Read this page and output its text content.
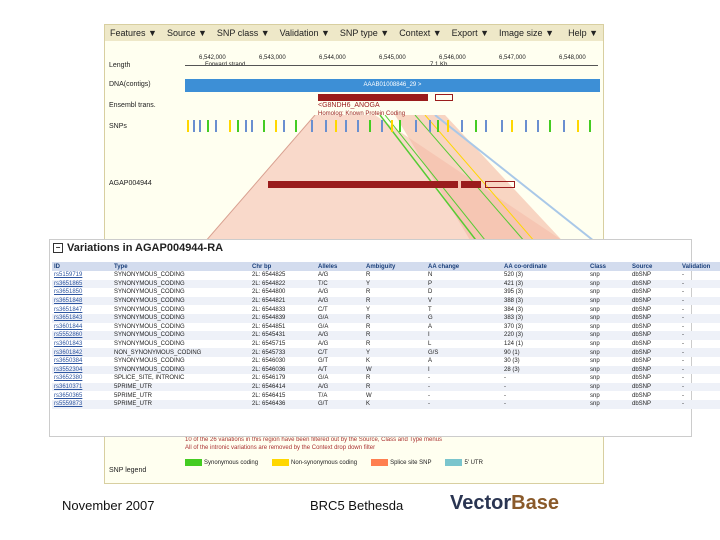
Features ▼	Source ▼	SNP class ▼	Validation ▼	SNP type ▼	Context ▼	Export ▼	Image size ▼	Help ▼
6,542,000	6,543,000	6,544,000	6,545,000	6,546,000	6,547,000	6,548,000
Length
DNA(contigs)	AAAB01008846_29 >
Ensembl trans.	<G8NDH6_ANOGA
Homolog: Known Protein Coding
SNPs
AGAP004944
10 of the 26 variations in this region have been filtered out by the Source, Class and Type menus
All of the intronic variations are removed by the Context drop down filter
SNP legend
Synonymous coding	Non-synonymous coding	Splice site SNP	5' UTR
− Variations in AGAP004944-RA
ID	Type	Chr bp	Alleles	Ambiguity	AA change	AA co-ordinate	Class	Source	Validation
rs5159719	SYNONYMOUS_CODING	2L: 6544825	A/G	R	N	520 (3)	snp	dbSNP	-
rs3651865	SYNONYMOUS_CODING	2L: 6544822	T/C	Y	P	421 (3)	snp	dbSNP	-
rs3651850	SYNONYMOUS_CODING	2L: 6544800	A/G	R	D	395 (3)	snp	dbSNP	-
rs3651848	SYNONYMOUS_CODING	2L: 6544821	A/G	R	V	388 (3)	snp	dbSNP	-
rs3651847	SYNONYMOUS_CODING	2L: 6544833	C/T	Y	T	384 (3)	snp	dbSNP	-
rs3651843	SYNONYMOUS_CODING	2L: 6544839	G/A	R	G	383 (3)	snp	dbSNP	-
rs3601844	SYNONYMOUS_CODING	2L: 6544851	G/A	R	A	370 (3)	snp	dbSNP	-
rs5552860	SYNONYMOUS_CODING	2L: 6545431	A/G	R	I	220 (3)	snp	dbSNP	-
rs3601843	SYNONYMOUS_CODING	2L: 6545715	A/G	R	L	124 (1)	snp	dbSNP	-
rs3601842	NON_SYNONYMOUS_CODING	2L: 6545733	C/T	Y	G/S	90 (1)	snp	dbSNP	-
rs3650384	SYNONYMOUS_CODING	2L: 6546030	G/T	K	A	30 (3)	snp	dbSNP	-
rs3552304	SYNONYMOUS_CODING	2L: 6546036	A/T	W	I	28 (3)	snp	dbSNP	-
rs3652380	SPLICE_SITE, INTRONIC	2L: 6546179	G/A	R	-	-	snp	dbSNP	-
rs3610371	5PRIME_UTR	2L: 6546414	A/G	R	-	-	snp	dbSNP	-
rs3650365	5PRIME_UTR	2L: 6546415	T/A	W	-	-	snp	dbSNP	-
rs5559873	5PRIME_UTR	2L: 6546436	G/T	K	-	-	snp	dbSNP	-
November 2007	BRC5 Bethesda VectorBase
